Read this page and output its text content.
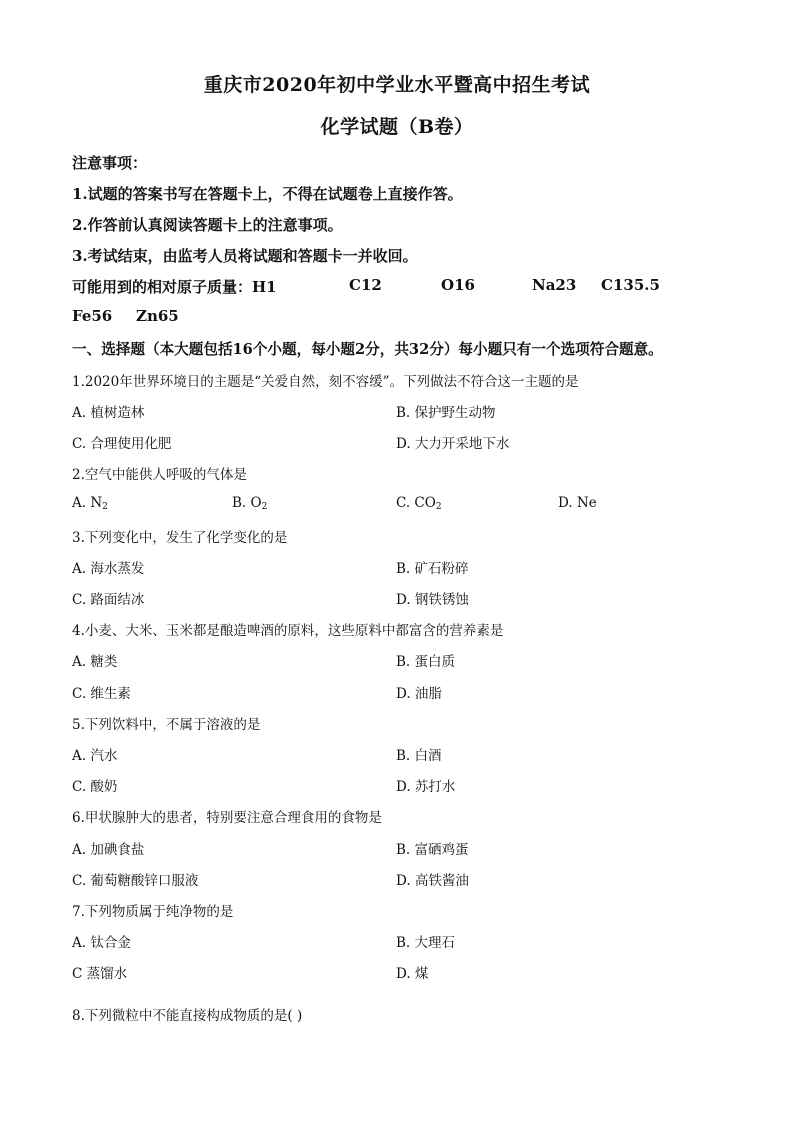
重庆市2020年初中学业水平暨高中招生考试
化学试题（B卷）
注意事项：
1.试题的答案书写在答题卡上，不得在试题卷上直接作答。
2.作答前认真阅读答题卡上的注意事项。
3.考试结束，由监考人员将试题和答题卡一并收回。
可能用到的相对原子质量：H1	C12	O16	Na23 C135.5
Fe56 Zn65
一、选择题（本大题包括16个小题，每小题2分，共32分）每小题只有一个选项符合题意。
1.2020年世界环境日的主题是“关爱自然，刻不容缓”。下列做法不符合这一主题的是
A. 植树造林	B. 保护野生动物
C. 合理使用化肥	D. 大力开采地下水
2.空气中能供人呼吸的气体是
A. $N_2$	B. $O_2$	C. $CO_2$	D. Ne
3.下列变化中，发生了化学变化的是
A. 海水蒸发	B. 矿石粉碎
C. 路面结冰	D. 钢铁锈蚀
4.小麦、大米、玉米都是酿造啤酒的原料，这些原料中都富含的营养素是
A. 糖类	B. 蛋白质
C. 维生素	D. 油脂
5.下列饮料中，不属于溶液的是
A. 汽水	B. 白酒
C. 酸奶	D. 苏打水
6.甲状腺肿大的患者，特别要注意合理食用的食物是
A. 加碘食盐	B. 富硒鸡蛋
C. 葡萄糖酸锌口服液	D. 高铁酱油
7.下列物质属于纯净物的是
A. 钛合金	B. 大理石
C 蒸馏水	D. 煤
8.下列微粒中不能直接构成物质的是( )
